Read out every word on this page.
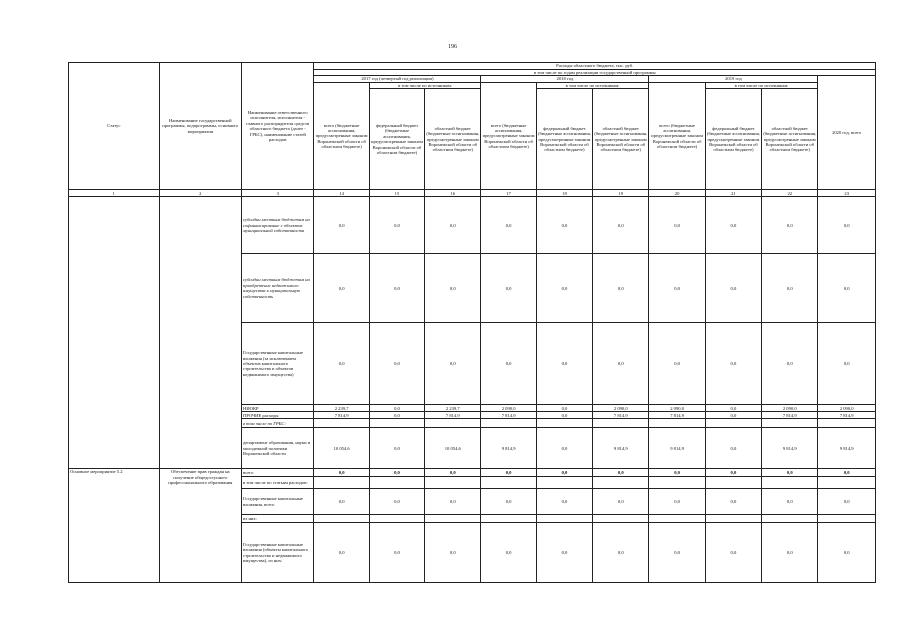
196
Статус	Наименование государственной программы, подпрограммы, основного мероприятия	Наименование ответственного исполнителя, исполнителя - главного распорядителя средств областного бюджета (далее - ГРБС), наименование статей расходов	Расходы областного бюджета, тыс. руб.									
			в том числе по годам реализации государственной программы									
			2017 год (четвертый год реализации)			2018 год			2019 год			2020 год, всего
			всего (бюджетные ассигнования, предусмотренные законом Воронежской области об областном бюджете)	в том числе по источникам:		всего (бюджетные ассигнования, предусмотренные законом Воронежской области об областном бюджете)	в том числе по источникам:		всего (бюджетные ассигнования, предусмотренные законом Воронежской области об областном бюджете)	в том числе по источникам:		
				федеральный бюджет (бюджетные ассигнования, предусмотренные законом Воронежской области об областном бюджете)	областной бюджет (бюджетные ассигнования, предусмотренные законом Воронежской области об областном бюджете)		федеральный бюджет (бюджетные ассигнования, предусмотренные законом Воронежской области об областном бюджете)	областной бюджет (бюджетные ассигнования, предусмотренные законом Воронежской области об областном бюджете)		федеральный бюджет (бюджетные ассигнования, предусмотренные законом Воронежской области об областном бюджете)	областной бюджет (бюджетные ассигнования, предусмотренные законом Воронежской области об областном бюджете)	
1	2	3	14	15	16	17	18	19	20	21	22	23
		субсидии местным бюджетам на софинансирование с объектов муниципальной собственности	0,0	0,0	0,0	0,0	0,0	0,0	0,0	0,0	0,0	0,0
		субсидии местным бюджетам на приобретение недвижимого имущества в муниципальную собственность	0,0	0,0	0,0	0,0	0,0	0,0	0,0	0,0	0,0	0,0
		Государственные капитальные вложения (за исключением объектов капитального строительства и объектов недвижимого имущества)	0,0	0,0	0,0	0,0	0,0	0,0	0,0	0,0	0,0	0,0
		НИОКР	2 239,7	0,0	2 239,7	2 090,0	0,0	2 090,0	2 090,0	0,0	2 090,0	2 090,0
		ПРОЧИЕ расходы	7 814,9	0,0	7 814,9	7 814,9	0,0	7 814,9	7 814,9	0,0	7 814,9	7 814,9
		в том числе по ГРБС:										
		департамент образования, науки и молодежной политики Воронежской области	10 054,6	0,0	10 054,6	9 814,9	0,0	9 814,9	9 814,9	0,0	9 814,9	9 814,9
Основное мероприятие 5.2	Обеспечение прав граждан на получение общедоступного профессионального образования	всего	0,0	0,0	0,0	0,0	0,0	0,0	0,0	0,0	0,0	0,0
		в том числе по статьям расходов:										
		Государственные капитальные вложения, всего	0,0	0,0	0,0	0,0	0,0	0,0	0,0	0,0	0,0	0,0
		из них:										
		Государственные капитальные вложения (объекты капитального строительства и недвижимого имущества), из них:	0,0	0,0	0,0	0,0	0,0	0,0	0,0	0,0	0,0	0,0
